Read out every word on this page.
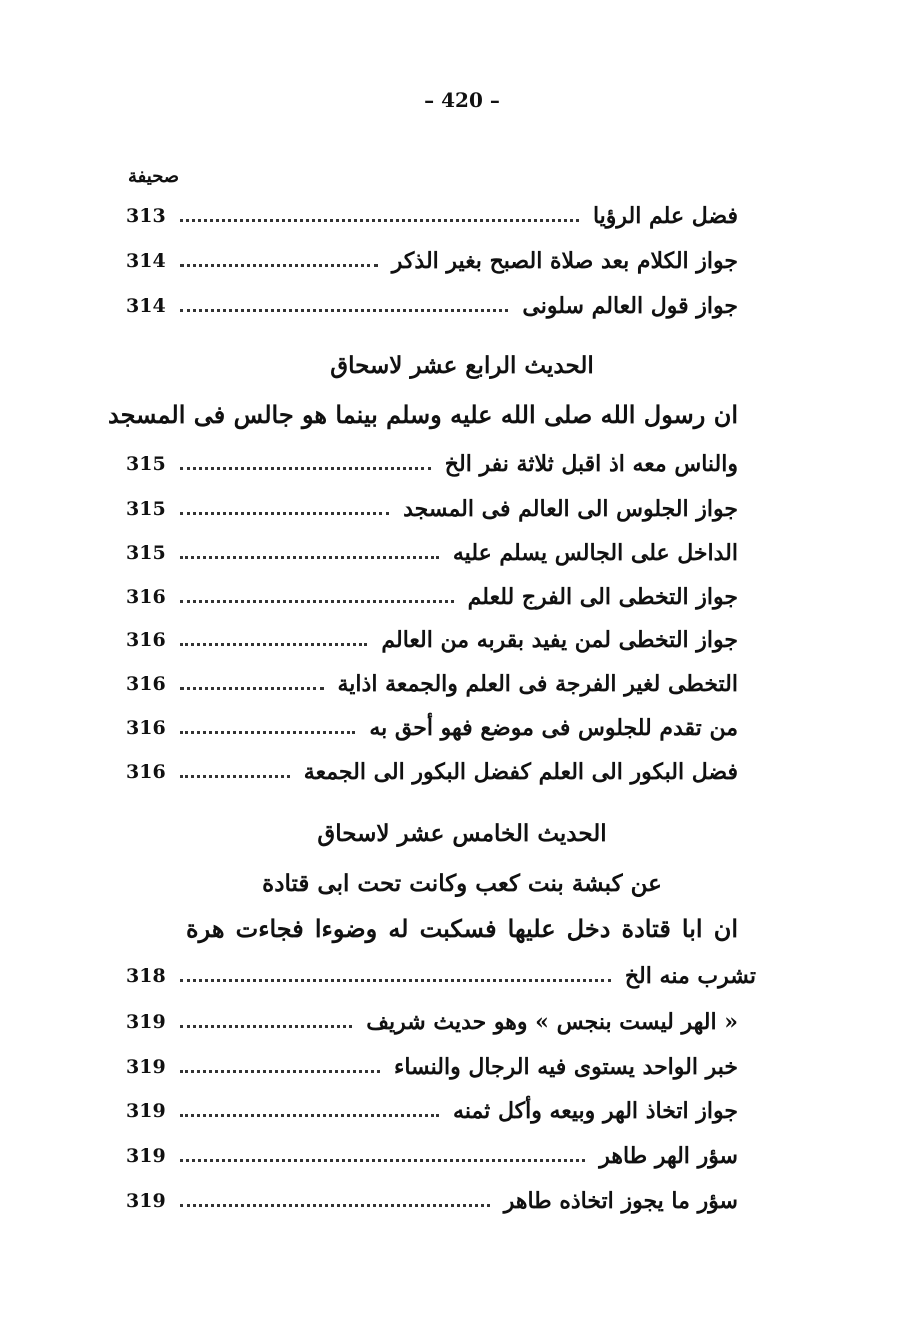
– 420 –
صحيفة
فضل علم الرؤيا
313
جواز الكلام بعد صلاة الصبح بغير الذكر
314
جواز قول العالم سلونى
314
الحديث الرابع عشر لاسحاق
ان رسول الله صلى الله عليه وسلم بينما هو جالس فى المسجد
والناس معه اذ اقبل ثلاثة نفر الخ
315
جواز الجلوس الى العالم فى المسجد
315
الداخل على الجالس يسلم عليه
315
جواز التخطى الى الفرج للعلم
316
جواز التخطى لمن يفيد بقربه من العالم
316
التخطى لغير الفرجة فى العلم والجمعة اذاية
316
من تقدم للجلوس فى موضع فهو أحق به
316
فضل البكور الى العلم كفضل البكور الى الجمعة
316
الحديث الخامس عشر لاسحاق
عن كبشة بنت كعب وكانت تحت ابى قتادة
ان ابا قتادة دخل عليها فسكبت له وضوءا فجاءت هرة
تشرب منه الخ
318
« الهر ليست بنجس » وهو حديث شريف
319
خبر الواحد يستوى فيه الرجال والنساء
319
جواز اتخاذ الهر وبيعه وأكل ثمنه
319
سؤر الهر طاهر
319
سؤر ما يجوز اتخاذه طاهر
319
